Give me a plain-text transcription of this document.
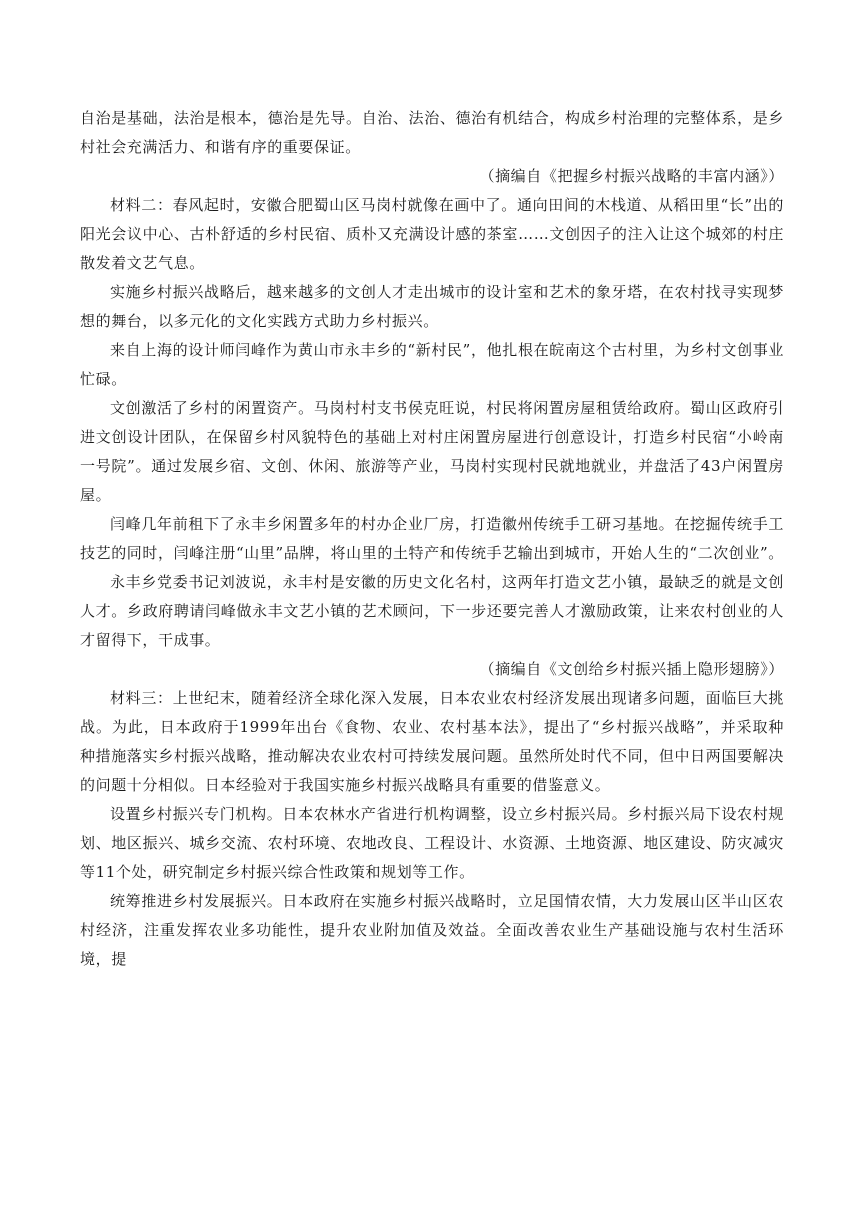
自治是基础，法治是根本，德治是先导。自治、法治、德治有机结合，构成乡村治理的完整体系，是乡村社会充满活力、和谐有序的重要保证。

（摘编自《把握乡村振兴战略的丰富内涵》）

材料二：春风起时，安徽合肥蜀山区马岗村就像在画中了。通向田间的木栈道、从稻田里“长”出的阳光会议中心、古朴舒适的乡村民宿、质朴又充满设计感的茶室……文创因子的注入让这个城郊的村庄散发着文艺气息。

实施乡村振兴战略后，越来越多的文创人才走出城市的设计室和艺术的象牙塔，在农村找寻实现梦想的舞台，以多元化的文化实践方式助力乡村振兴。

来自上海的设计师闫峰作为黄山市永丰乡的“新村民”，他扎根在皖南这个古村里，为乡村文创事业忙碌。

文创激活了乡村的闲置资产。马岗村村支书侯克旺说，村民将闲置房屋租赁给政府。蜀山区政府引进文创设计团队，在保留乡村风貌特色的基础上对村庄闲置房屋进行创意设计，打造乡村民宿“小岭南一号院”。通过发展乡宿、文创、休闲、旅游等产业，马岗村实现村民就地就业，并盘活了43户闲置房屋。

闫峰几年前租下了永丰乡闲置多年的村办企业厂房，打造徽州传统手工研习基地。在挖掘传统手工技艺的同时，闫峰注册“山里”品牌，将山里的土特产和传统手艺输出到城市，开始人生的“二次创业”。

永丰乡党委书记刘波说，永丰村是安徽的历史文化名村，这两年打造文艺小镇，最缺乏的就是文创人才。乡政府聘请闫峰做永丰文艺小镇的艺术顾问，下一步还要完善人才激励政策，让来农村创业的人才留得下，干成事。

（摘编自《文创给乡村振兴插上隐形翅膀》）

材料三：上世纪末，随着经济全球化深入发展，日本农业农村经济发展出现诸多问题，面临巨大挑战。为此，日本政府于1999年出台《食物、农业、农村基本法》，提出了“乡村振兴战略”，并采取种种措施落实乡村振兴战略，推动解决农业农村可持续发展问题。虽然所处时代不同，但中日两国要解决的问题十分相似。日本经验对于我国实施乡村振兴战略具有重要的借鉴意义。

设置乡村振兴专门机构。日本农林水产省进行机构调整，设立乡村振兴局。乡村振兴局下设农村规划、地区振兴、城乡交流、农村环境、农地改良、工程设计、水资源、土地资源、地区建设、防灾减灾等11个处，研究制定乡村振兴综合性政策和规划等工作。

统筹推进乡村发展振兴。日本政府在实施乡村振兴战略时，立足国情农情，大力发展山区半山区农村经济，注重发挥农业多功能性，提升农业附加值及效益。全面改善农业生产基础设施与农村生活环境，提
